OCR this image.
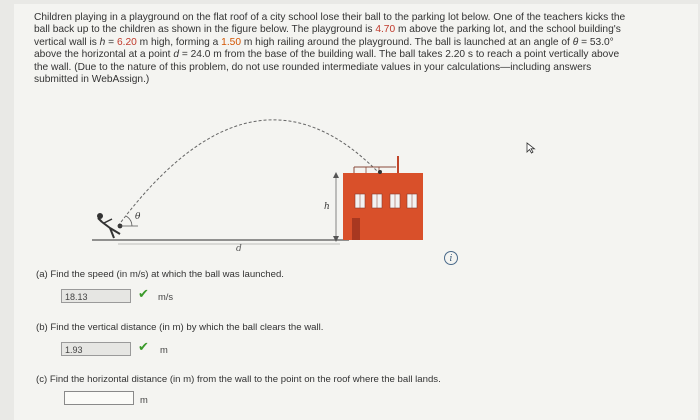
Children playing in a playground on the flat roof of a city school lose their ball to the parking lot below. One of the teachers kicks the
ball back up to the children as shown in the figure below. The playground is 4.70 m above the parking lot, and the school building's
vertical wall is h = 6.20 m high, forming a 1.50 m high railing around the playground. The ball is launched at an angle of θ = 53.0°
above the horizontal at a point d = 24.0 m from the base of the building wall. The ball takes 2.20 s to reach a point vertically above
the wall. (Due to the nature of this problem, do not use rounded intermediate values in your calculations—including answers
submitted in WebAssign.)
θ
d
h
i
(a) Find the speed (in m/s) at which the ball was launched.
18.13	✔ m/s
(b) Find the vertical distance (in m) by which the ball clears the wall.
1.93	✔ m
(c) Find the horizontal distance (in m) from the wall to the point on the roof where the ball lands.
m
